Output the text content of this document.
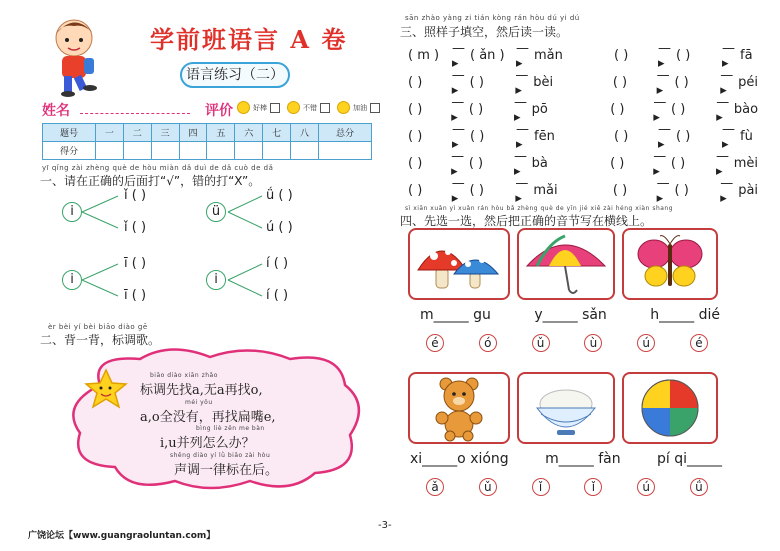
学前班语言 A 卷
语言练习（二）
姓名	评价	好棒	不错	加油
题号	一	二	三	四	五	六	七	八	总分
得分									
yī qǐng zài zhèng què de hòu miàn dǎ duì de dǎ cuò de dǎ
一、请在正确的后面打“√”，错的打“X”。
i
ǐ ( )
ǐ ( )
ü
ǘ ( )
ú ( )
i
ī ( )
ī ( )
i
í ( )
í ( )
èr bèi yí bèi biāo diào gē
二、背一背，标调歌。
biāo diào xiān zhǎo
标调先找a,无a再找o,
méi yǒu
a,o全没有，再找扁嘴e,
bìng liè zěn me bàn
i,u并列怎么办？
shēng diào yí lǜ biāo zài hòu
声调一律标在后。
广饶论坛【www.guangraoluntan.com】
sān zhào yàng zi tián kòng rán hòu dú yi dú
三、照样子填空，然后读一读。
( m ) —▸ ( ǎn ) —▸ mǎn	( )	—▸ ( )	—▸ fā
( )	—▸ ( )	—▸ bèi	( )	—▸ ( )	—▸ péi
( )	—▸ ( )	—▸ pō	( )	—▸ ( )	—▸ bào
( )	—▸ ( )	—▸ fēn	( )	—▸ ( )	—▸ fù
( )	—▸ ( )	—▸ bà	( )	—▸ ( )	—▸ mèi
( )	—▸ ( )	—▸ mǎi	( )	—▸ ( )	—▸ pài
sì xiān xuǎn yì xuǎn rán hòu bǎ zhèng què de yīn jié xiě zài héng xiàn shang
四、先选一选，然后把正确的音节写在横线上。
m_____ gu	y_____ sǎn	h_____ dié
é	ó	ǔ	ù	ú	é
xi_____o xióng	m_____ fàn	pí qi_____
ǎ	ǔ	ǐ	ǐ	ú	ǘ
-3-
